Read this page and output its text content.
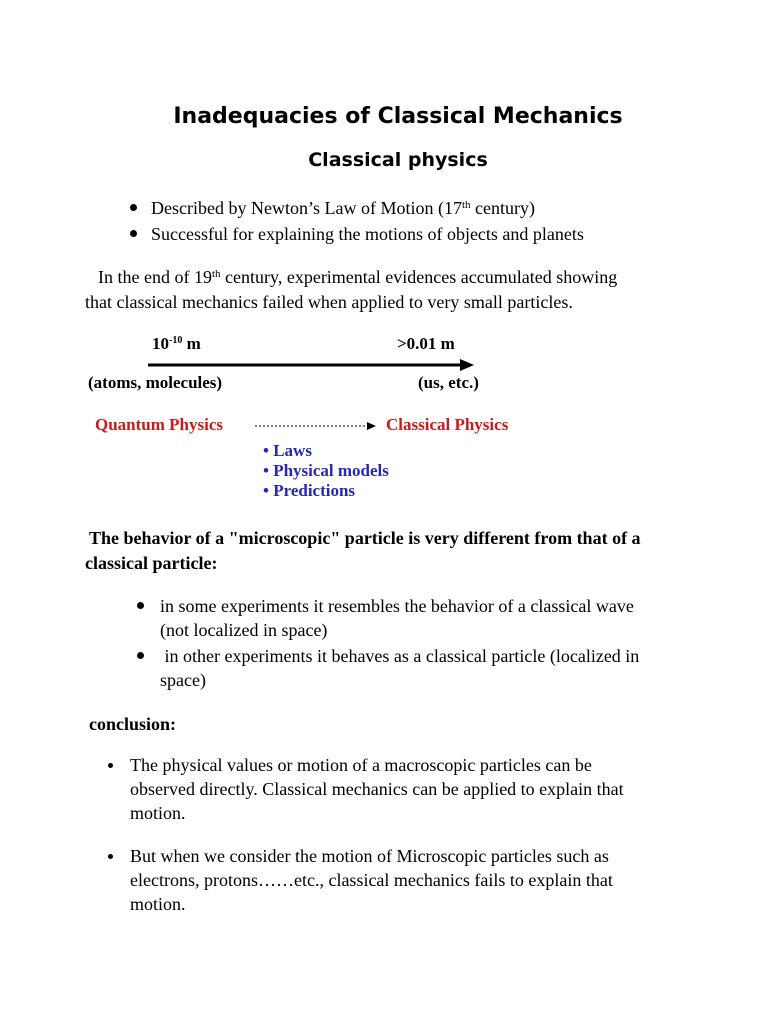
Inadequacies of Classical Mechanics
Classical physics
Described by Newton’s Law of Motion (17th century)
Successful for explaining the motions of objects and planets
In the end of 19th century, experimental evidences accumulated showing
that classical mechanics failed when applied to very small particles.
$10^{-10}$ m	>0.01 m
(atoms, molecules)	(us, etc.)
Quantum Physics	Classical Physics
• Laws
• Physical models
• Predictions
The behavior of a "microscopic" particle is very different from that of a
classical particle:
in some experiments it resembles the behavior of a classical wave
(not localized in space)
in other experiments it behaves as a classical particle (localized in
space)
conclusion:
The physical values or motion of a macroscopic particles can be
observed directly. Classical mechanics can be applied to explain that
motion.
But when we consider the motion of Microscopic particles such as
electrons, protons……etc., classical mechanics fails to explain that
motion.
